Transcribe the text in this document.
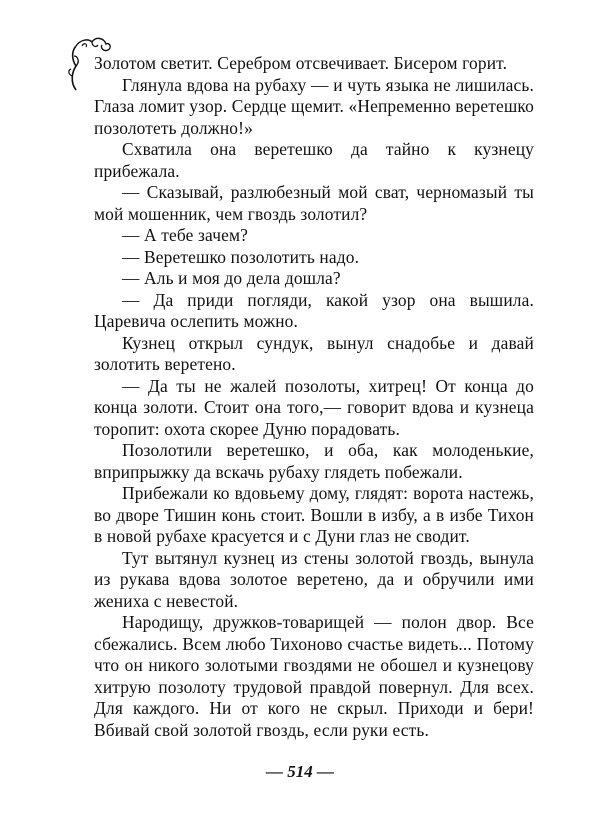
Золотом светит. Серебром отсвечивает. Бисером горит.

Глянула вдова на рубаху — и чуть языка не лишилась. Глаза ломит узор. Сердце щемит. «Непременно веретешко позолотеть должно!»

Схватила она веретешко да тайно к кузнецу прибежала.

— Сказывай, разлюбезный мой сват, черномазый ты мой мошенник, чем гвоздь золотил?

— А тебе зачем?

— Веретешко позолотить надо.

— Аль и моя до дела дошла?

— Да приди погляди, какой узор она вышила. Царевича ослепить можно.

Кузнец открыл сундук, вынул снадобье и давай золотить веретено.

— Да ты не жалей позолоты, хитрец! От конца до конца золоти. Стоит она того,— говорит вдова и кузнеца торопит: охота скорее Дуню порадовать.

Позолотили веретешко, и оба, как молоденькие, вприпрыжку да вскачь рубаху глядеть побежали.

Прибежали ко вдовьему дому, глядят: ворота настежь, во дворе Тишин конь стоит. Вошли в избу, а в избе Тихон в новой рубахе красуется и с Дуни глаз не сводит.

Тут вытянул кузнец из стены золотой гвоздь, вынула из рукава вдова золотое веретено, да и обручили ими жениха с невестой.

Народищу, дружков-товарищей — полон двор. Все сбежались. Всем любо Тихоново счастье видеть... Потому что он никого золотыми гвоздями не обошел и кузнецову хитрую позолоту трудовой правдой повернул. Для всех. Для каждого. Ни от кого не скрыл. Приходи и бери! Вбивай свой золотой гвоздь, если руки есть.

— 514 —
